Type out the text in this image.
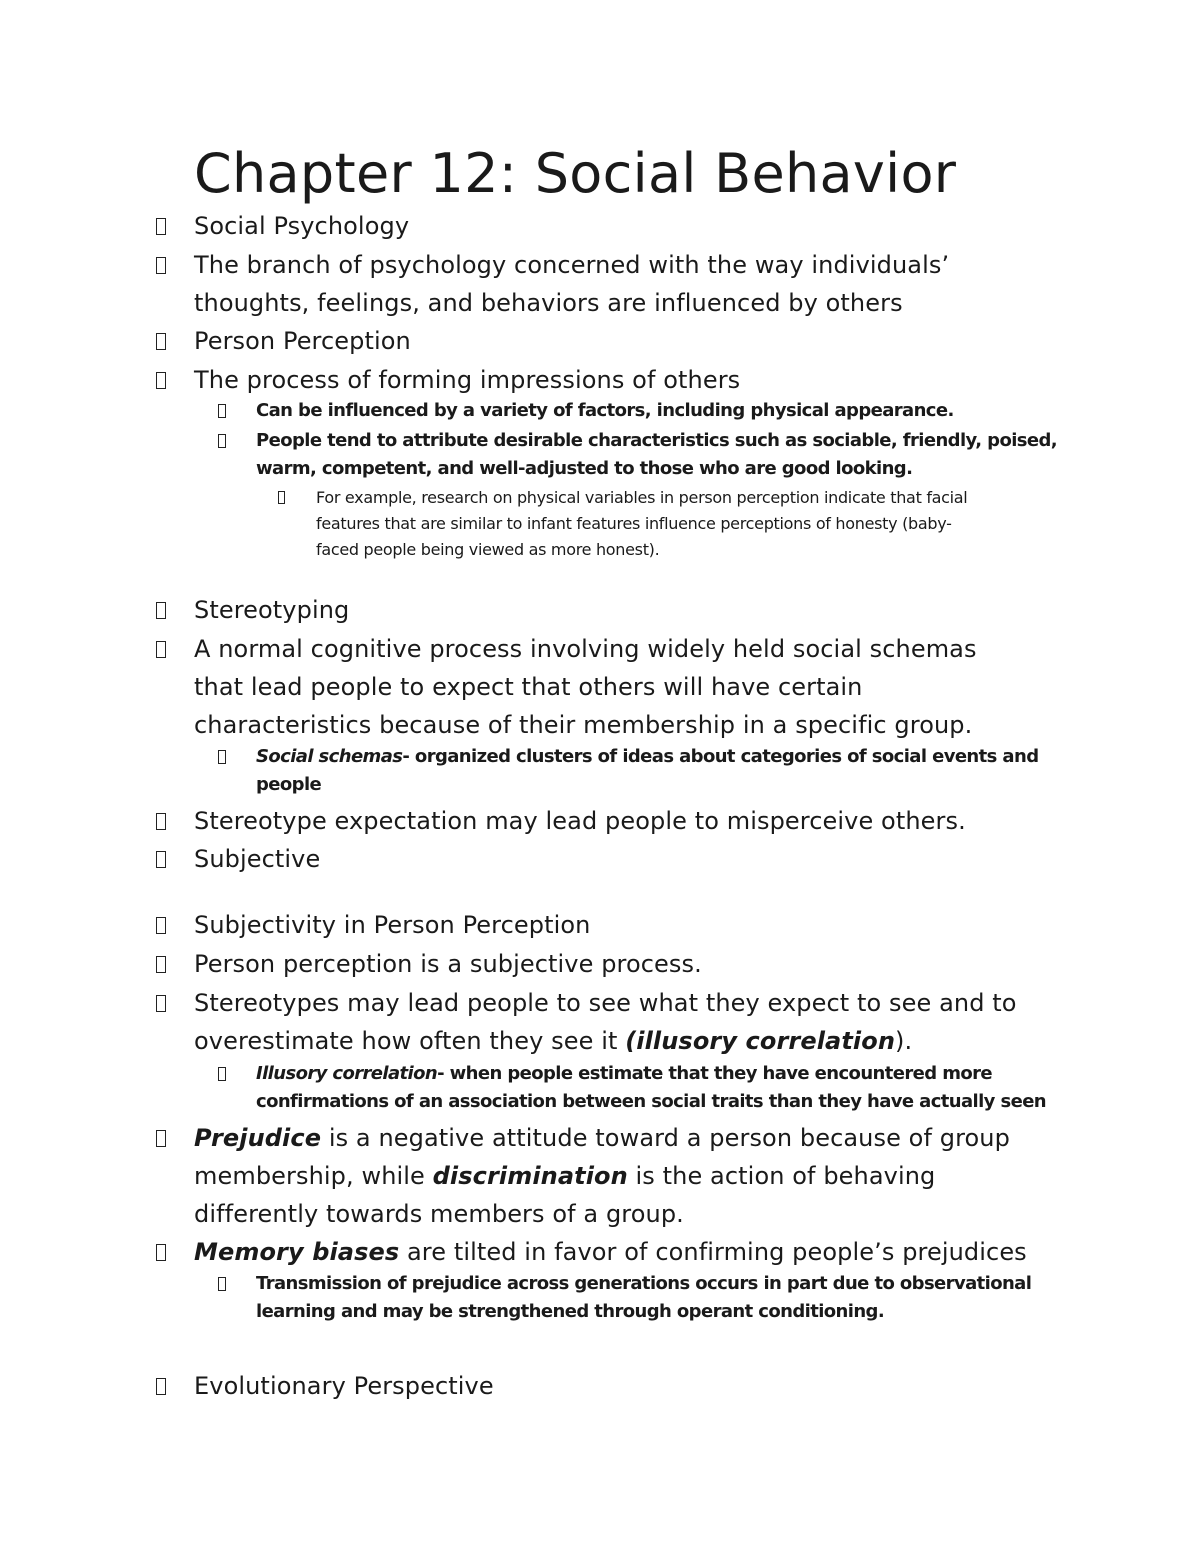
Chapter 12: Social Behavior
Social Psychology
The branch of psychology concerned with the way individuals’
thoughts, feelings, and behaviors are influenced by others
Person Perception
The process of forming impressions of others
Can be influenced by a variety of factors, including physical appearance.
People tend to attribute desirable characteristics such as sociable, friendly, poised,
warm, competent, and well-adjusted to those who are good looking.
For example, research on physical variables in person perception indicate that facial
features that are similar to infant features influence perceptions of honesty (baby-
faced people being viewed as more honest).
Stereotyping
A normal cognitive process involving widely held social schemas
that lead people to expect that others will have certain
characteristics because of their membership in a specific group.
Social schemas- organized clusters of ideas about categories of social events and
people
Stereotype expectation may lead people to misperceive others.
Subjective
Subjectivity in Person Perception
Person perception is a subjective process.
Stereotypes may lead people to see what they expect to see and to
overestimate how often they see it (illusory correlation).
Illusory correlation- when people estimate that they have encountered more
confirmations of an association between social traits than they have actually seen
Prejudice is a negative attitude toward a person because of group
membership, while discrimination is the action of behaving
differently towards members of a group.
Memory biases are tilted in favor of confirming people’s prejudices
Transmission of prejudice across generations occurs in part due to observational
learning and may be strengthened through operant conditioning.
Evolutionary Perspective
